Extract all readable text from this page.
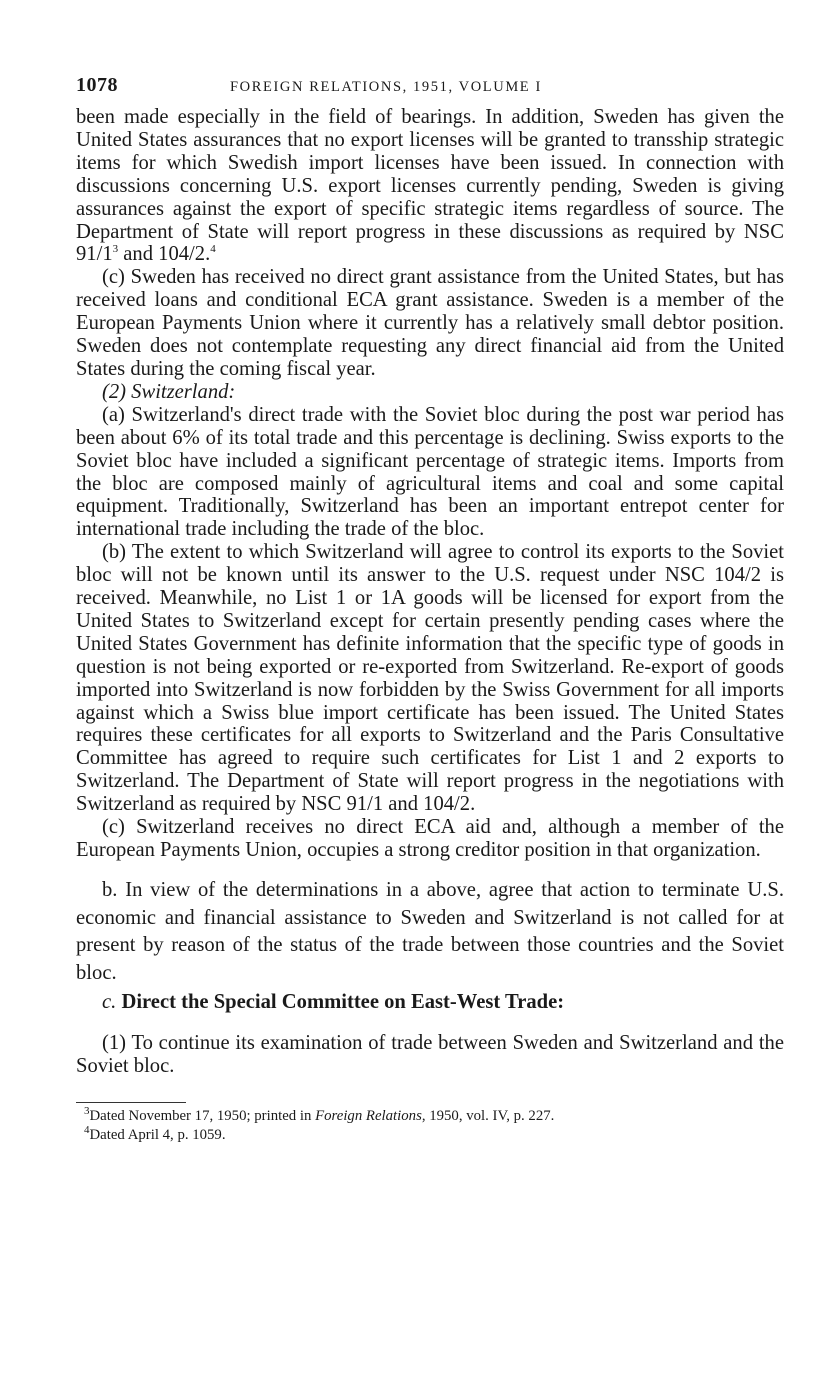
1078	FOREIGN RELATIONS, 1951, VOLUME I

been made especially in the field of bearings. In addition, Sweden has given the United States assurances that no export licenses will be granted to transship strategic items for which Swedish import licenses have been issued. In connection with discussions concerning U.S. export licenses currently pending, Sweden is giving assurances against the export of specific strategic items regardless of source. The Department of State will report progress in these discussions as required by NSC $91/1^3$ and 104/2.$^4$

(c) Sweden has received no direct grant assistance from the United States, but has received loans and conditional ECA grant assistance. Sweden is a member of the European Payments Union where it currently has a relatively small debtor position. Sweden does not contemplate requesting any direct financial aid from the United States during the coming fiscal year.

(2) Switzerland:

(a) Switzerland's direct trade with the Soviet bloc during the post war period has been about 6% of its total trade and this percentage is declining. Swiss exports to the Soviet bloc have included a significant percentage of strategic items. Imports from the bloc are composed mainly of agricultural items and coal and some capital equipment. Traditionally, Switzerland has been an important entrepot center for international trade including the trade of the bloc.

(b) The extent to which Switzerland will agree to control its exports to the Soviet bloc will not be known until its answer to the U.S. request under NSC 104/2 is received. Meanwhile, no List 1 or 1A goods will be licensed for export from the United States to Switzerland except for certain presently pending cases where the United States Government has definite information that the specific type of goods in question is not being exported or re-exported from Switzerland. Re-export of goods imported into Switzerland is now forbidden by the Swiss Government for all imports against which a Swiss blue import certificate has been issued. The United States requires these certificates for all exports to Switzerland and the Paris Consultative Committee has agreed to require such certificates for List 1 and 2 exports to Switzerland. The Department of State will report progress in the negotiations with Switzerland as required by NSC 91/1 and 104/2.

(c) Switzerland receives no direct ECA aid and, although a member of the European Payments Union, occupies a strong creditor position in that organization.

b. In view of the determinations in a above, agree that action to terminate U.S. economic and financial assistance to Sweden and Switzerland is not called for at present by reason of the status of the trade between those countries and the Soviet bloc.

c. Direct the Special Committee on East-West Trade:

(1) To continue its examination of trade between Sweden and Switzerland and the Soviet bloc.

$^3$Dated November 17, 1950; printed in Foreign Relations, 1950, vol. IV, p. 227.

$^4$Dated April 4, p. 1059.
